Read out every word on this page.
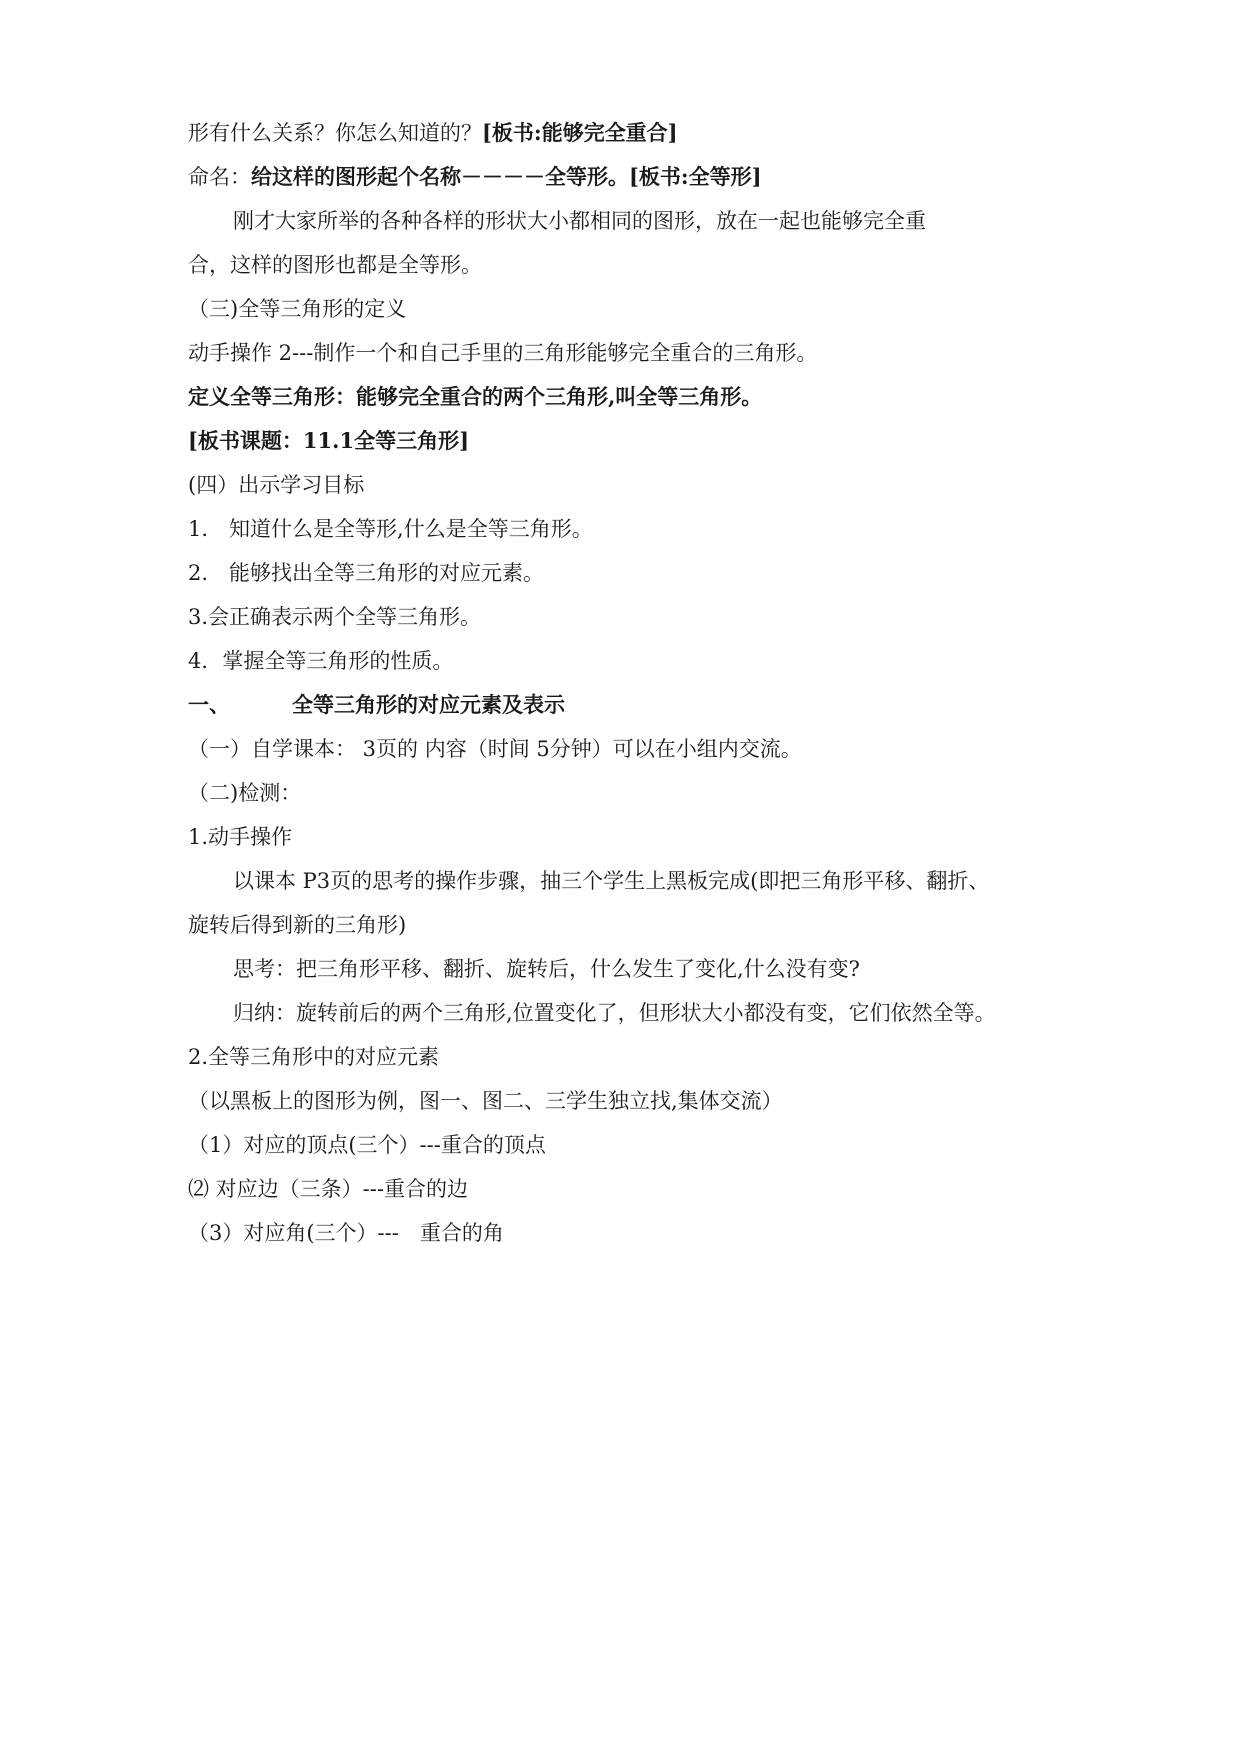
形有什么关系？你怎么知道的？[板书:能够完全重合]
命名：给这样的图形起个名称－－－－全等形。[板书:全等形]
刚才大家所举的各种各样的形状大小都相同的图形，放在一起也能够完全重
合，这样的图形也都是全等形。
（三)全等三角形的定义
动手操作 2---制作一个和自己手里的三角形能够完全重合的三角形。
定义全等三角形：能够完全重合的两个三角形,叫全等三角形。
[板书课题：11.1全等三角形]
(四）出示学习目标
1.　知道什么是全等形,什么是全等三角形。
2.　能够找出全等三角形的对应元素。
3.会正确表示两个全等三角形。
4．掌握全等三角形的性质。
一、	全等三角形的对应元素及表示
（一）自学课本： 3页的 内容（时间 5分钟）可以在小组内交流。
（二)检测：
1.动手操作
以课本 P3页的思考的操作步骤，抽三个学生上黑板完成(即把三角形平移、翻折、
旋转后得到新的三角形)
思考：把三角形平移、翻折、旋转后，什么发生了变化,什么没有变?
归纳：旋转前后的两个三角形,位置变化了，但形状大小都没有变，它们依然全等。
2.全等三角形中的对应元素
（以黑板上的图形为例，图一、图二、三学生独立找,集体交流）
（1）对应的顶点(三个）---重合的顶点
⑵ 对应边（三条）---重合的边
（3）对应角(三个）---　重合的角
